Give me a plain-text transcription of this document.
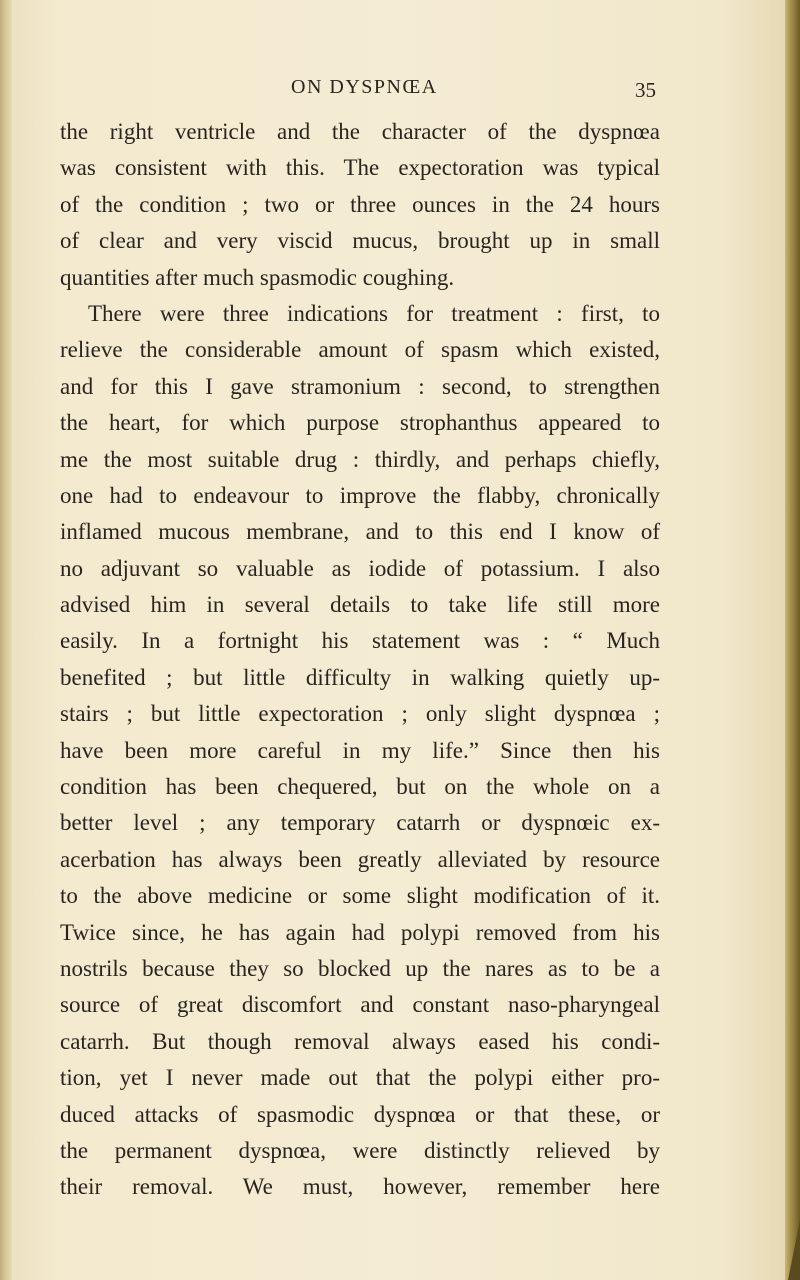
ON DYSPNŒA	35
the right ventricle and the character of the dyspnœa
was consistent with this. The expectoration was typical
of the condition ; two or three ounces in the 24 hours
of clear and very viscid mucus, brought up in small
quantities after much spasmodic coughing.
There were three indications for treatment : first, to
relieve the considerable amount of spasm which existed,
and for this I gave stramonium : second, to strengthen
the heart, for which purpose strophanthus appeared to
me the most suitable drug : thirdly, and perhaps chiefly,
one had to endeavour to improve the flabby, chronically
inflamed mucous membrane, and to this end I know of
no adjuvant so valuable as iodide of potassium. I also
advised him in several details to take life still more
easily. In a fortnight his statement was : “ Much
benefited ; but little difficulty in walking quietly up-
stairs ; but little expectoration ; only slight dyspnœa ;
have been more careful in my life.” Since then his
condition has been chequered, but on the whole on a
better level ; any temporary catarrh or dyspnœic ex-
acerbation has always been greatly alleviated by resource
to the above medicine or some slight modification of it.
Twice since, he has again had polypi removed from his
nostrils because they so blocked up the nares as to be a
source of great discomfort and constant naso-pharyngeal
catarrh. But though removal always eased his condi-
tion, yet I never made out that the polypi either pro-
duced attacks of spasmodic dyspnœa or that these, or
the permanent dyspnœa, were distinctly relieved by
their removal. We must, however, remember here
